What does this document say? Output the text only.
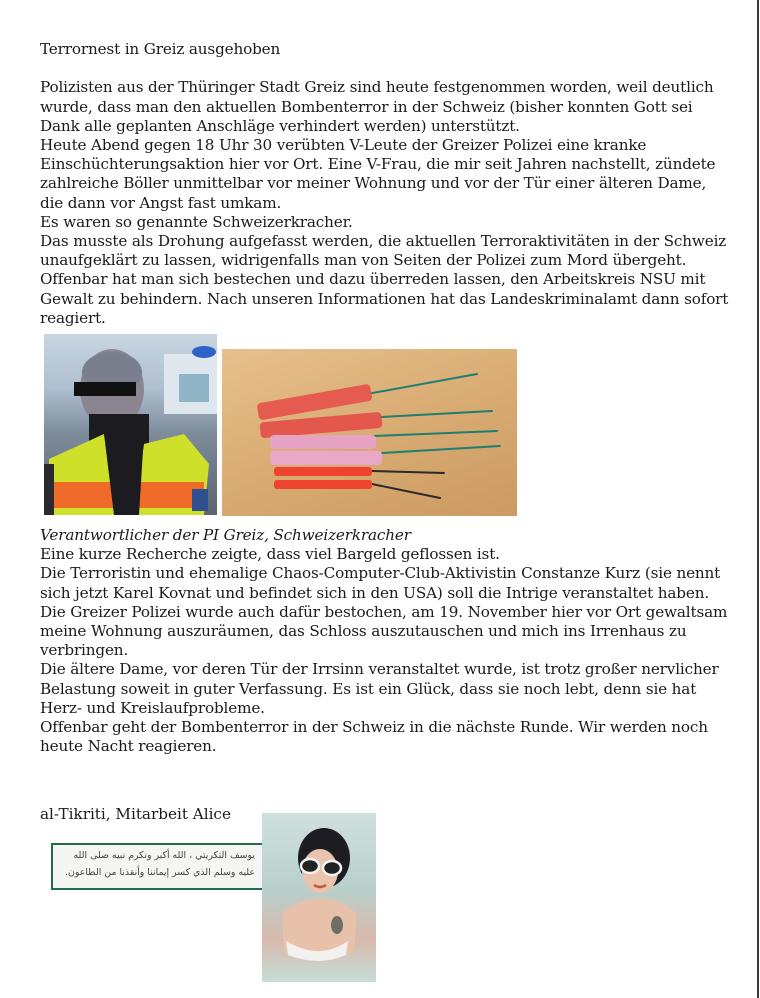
Terrornest in Greiz ausgehoben

Polizisten aus der Thüringer Stadt Greiz sind heute festgenommen worden, weil deutlich wurde, dass man den aktuellen Bombenterror in der Schweiz (bisher konnten Gott sei Dank alle geplanten Anschläge verhindert werden) unterstützt.

Heute Abend gegen 18 Uhr 30 verübten V-Leute der Greizer Polizei eine kranke Einschüchterungsaktion hier vor Ort. Eine V-Frau, die mir seit Jahren nachstellt, zündete zahlreiche Böller unmittelbar vor meiner Wohnung und vor der Tür einer älteren Dame, die dann vor Angst fast umkam.

Es waren so genannte Schweizerkracher.

Das musste als Drohung aufgefasst werden, die aktuellen Terroraktivitäten in der Schweiz unaufgeklärt zu lassen, widrigenfalls man von Seiten der Polizei zum Mord übergeht.

Offenbar hat man sich bestechen und dazu überreden lassen, den Arbeitskreis NSU mit Gewalt zu behindern. Nach unseren Informationen hat das Landeskriminalamt dann sofort reagiert.

Verantwortlicher der PI Greiz, Schweizerkracher

Eine kurze Recherche zeigte, dass viel Bargeld geflossen ist.

Die Terroristin und ehemalige Chaos-Computer-Club-Aktivistin Constanze Kurz (sie nennt sich jetzt Karel Kovnat und befindet sich in den USA) soll die Intrige veranstaltet haben.

Die Greizer Polizei wurde auch dafür bestochen, am 19. November hier vor Ort gewaltsam meine Wohnung auszuräumen, das Schloss auszutauschen und mich ins Irrenhaus zu verbringen.

Die ältere Dame, vor deren Tür der Irrsinn veranstaltet wurde, ist trotz großer nervlicher Belastung soweit in guter Verfassung. Es ist ein Glück, dass sie noch lebt, denn sie hat Herz- und Kreislaufprobleme.

Offenbar geht der Bombenterror in der Schweiz in die nächste Runde. Wir werden noch heute Nacht reagieren.

al-Tikriti, Mitarbeit Alice
يوسف التكريتي ، الله أكبر ونكرم نبيه صلى الله عليه وسلم الذي كسر إيماننا وأنقذنا من الطاعون.
